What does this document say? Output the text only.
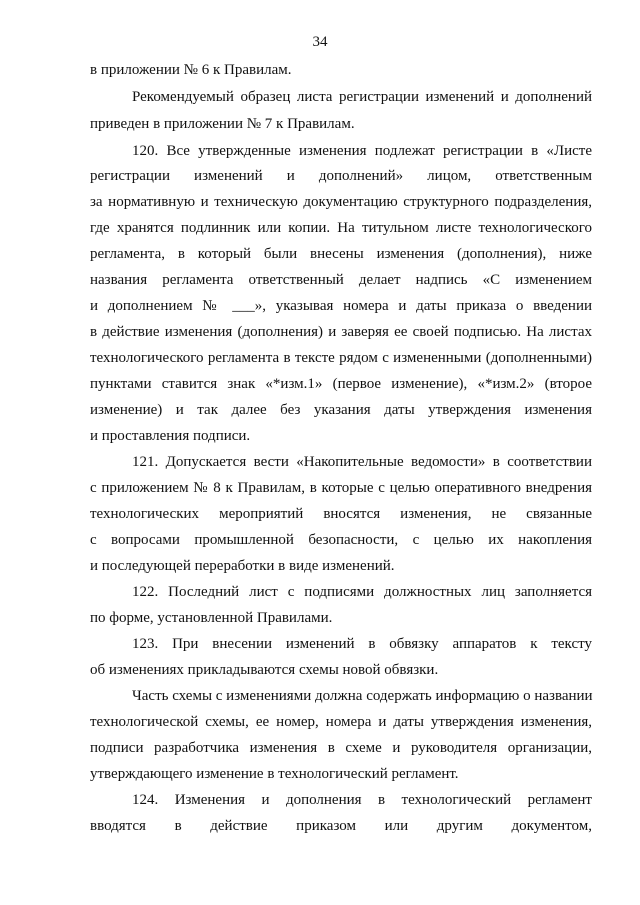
34
в приложении № 6 к Правилам.
Рекомендуемый образец листа регистрации изменений и дополнений
приведен в приложении № 7 к Правилам.
120. Все утвержденные изменения подлежат регистрации в «Листе
регистрации изменений и дополнений» лицом, ответственным
за нормативную и техническую документацию структурного подразделения,
где хранятся подлинник или копии. На титульном листе технологического
регламента, в который были внесены изменения (дополнения), ниже
названия регламента ответственный делает надпись «С изменением
и дополнением № ___», указывая номера и даты приказа о введении
в действие изменения (дополнения) и заверяя ее своей подписью. На листах
технологического регламента в тексте рядом с измененными (дополненными)
пунктами ставится знак «*изм.1» (первое изменение), «*изм.2» (второе
изменение) и так далее без указания даты утверждения изменения
и проставления подписи.
121. Допускается вести «Накопительные ведомости» в соответствии
с приложением № 8 к Правилам, в которые с целью оперативного внедрения
технологических мероприятий вносятся изменения, не связанные
с вопросами промышленной безопасности, с целью их накопления
и последующей переработки в виде изменений.
122. Последний лист с подписями должностных лиц заполняется
по форме, установленной Правилами.
123. При внесении изменений в обвязку аппаратов к тексту
об изменениях прикладываются схемы новой обвязки.
Часть схемы с изменениями должна содержать информацию о названии
технологической схемы, ее номер, номера и даты утверждения изменения,
подписи разработчика изменения в схеме и руководителя организации,
утверждающего изменение в технологический регламент.
124. Изменения и дополнения в технологический регламент
вводятся в действие приказом или другим документом,
